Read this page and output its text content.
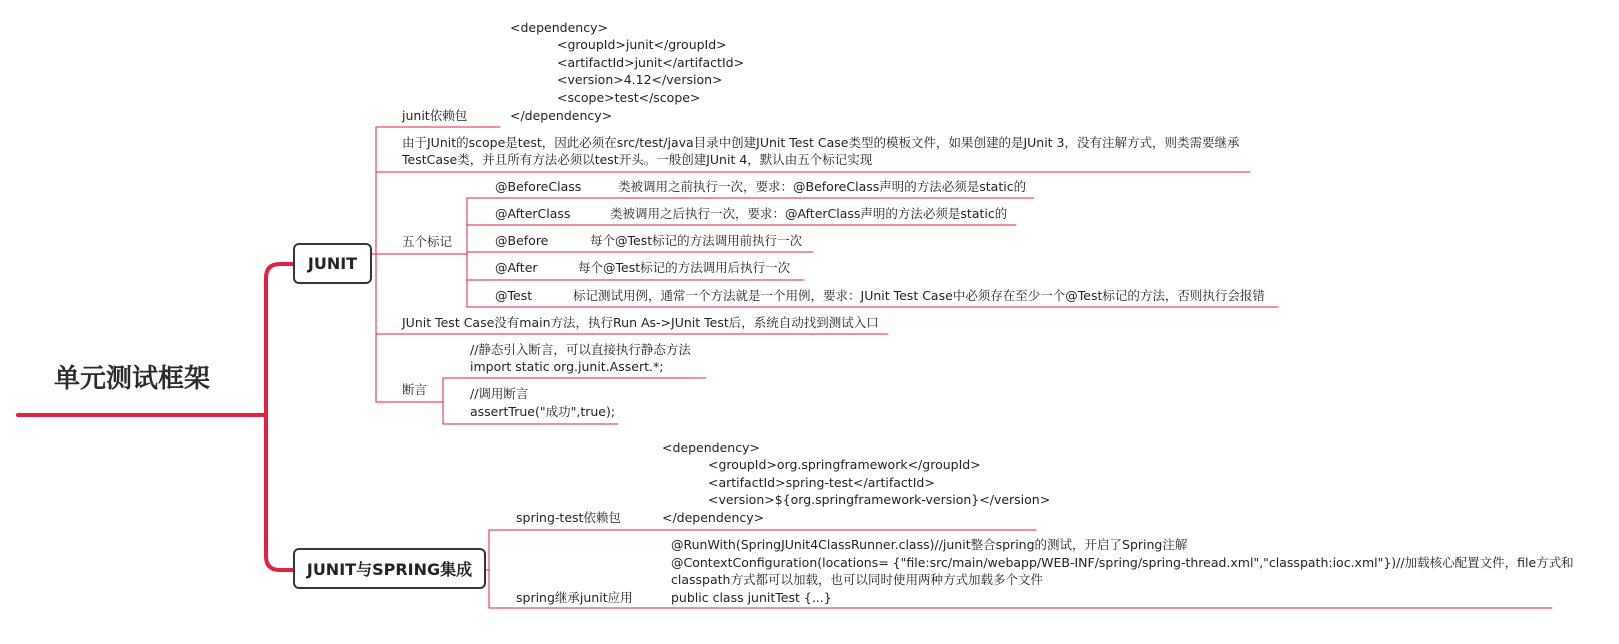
单元测试框架
JUNIT
junit依赖包
<dependency>
<groupId>junit</groupId>
<artifactId>junit</artifactId>
<version>4.12</version>
<scope>test</scope>
</dependency>
由于JUnit的scope是test，因此必须在src/test/java目录中创建JUnit Test Case类型的模板文件，如果创建的是JUnit 3，没有注解方式，则类需要继承
TestCase类，并且所有方法必须以test开头。一般创建JUnit 4，默认由五个标记实现
五个标记
@BeforeClass	类被调用之前执行一次，要求：@BeforeClass声明的方法必须是static的
@AfterClass	类被调用之后执行一次，要求：@AfterClass声明的方法必须是static的
@Before	每个@Test标记的方法调用前执行一次
@After	每个@Test标记的方法调用后执行一次
@Test	标记测试用例，通常一个方法就是一个用例，要求：JUnit Test Case中必须存在至少一个@Test标记的方法，否则执行会报错
JUnit Test Case没有main方法，执行Run As->JUnit Test后，系统自动找到测试入口
断言
//静态引入断言，可以直接执行静态方法
import static org.junit.Assert.*;
//调用断言
assertTrue("成功",true);
JUNIT与SPRING集成
spring-test依赖包
<dependency>
<groupId>org.springframework</groupId>
<artifactId>spring-test</artifactId>
<version>${org.springframework-version}</version>
</dependency>
spring继承junit应用
@RunWith(SpringJUnit4ClassRunner.class)//junit整合spring的测试，开启了Spring注解
@ContextConfiguration(locations= {"file:src/main/webapp/WEB-INF/spring/spring-thread.xml","classpath:ioc.xml"})//加载核心配置文件，file方式和
classpath方式都可以加载，也可以同时使用两种方式加载多个文件
public class junitTest {...}
